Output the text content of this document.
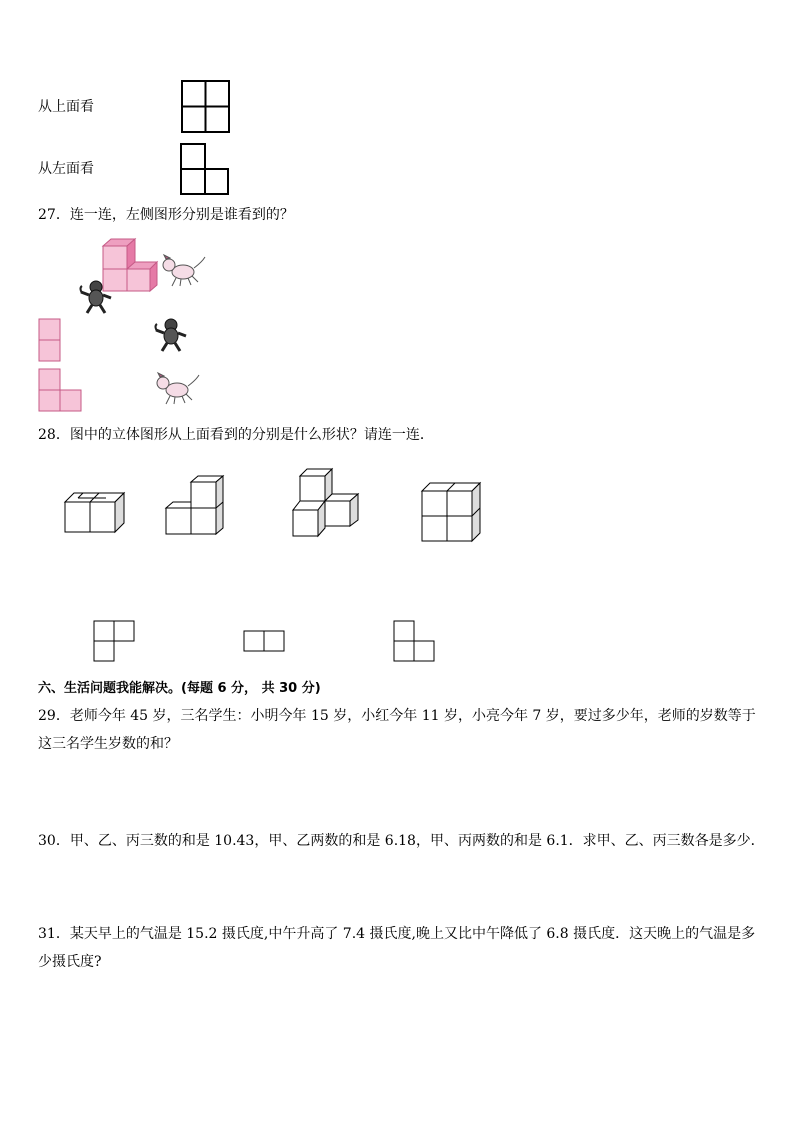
从上面看
从左面看
27．连一连，左侧图形分别是谁看到的？
28．图中的立体图形从上面看到的分别是什么形状？请连一连．
六、生活问题我能解决。(每题 6 分， 共 30 分)
29．老师今年 45 岁，三名学生：小明今年 15 岁，小红今年 11 岁，小亮今年 7 岁，要过多少年，老师的岁数等于这三名学生岁数的和？
30．甲、乙、丙三数的和是 10.43，甲、乙两数的和是 6.18，甲、丙两数的和是 6.1．求甲、乙、丙三数各是多少．
31．某天早上的气温是 15.2 摄氏度,中午升高了 7.4 摄氏度,晚上又比中午降低了 6.8 摄氏度．这天晚上的气温是多少摄氏度?
